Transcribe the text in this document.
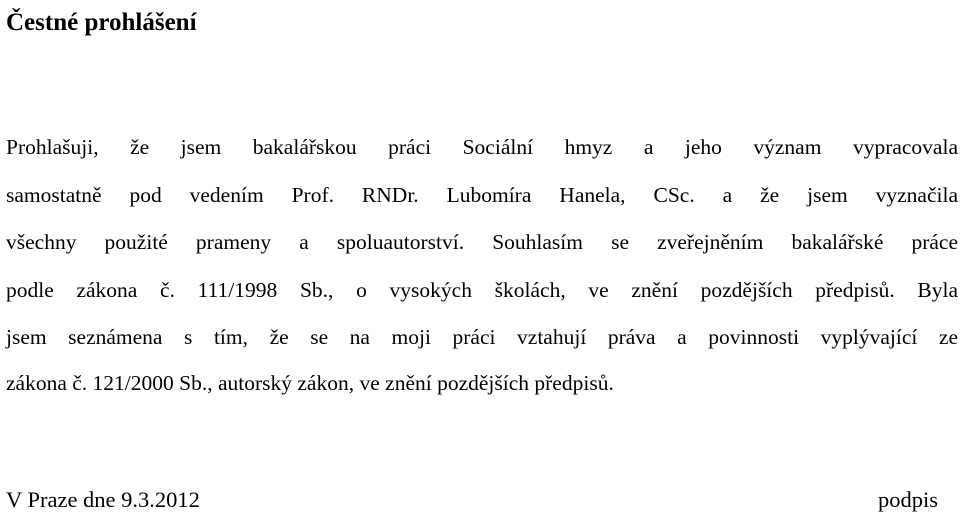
Čestné prohlášení
Prohlašuji, že jsem bakalářskou práci Sociální hmyz a jeho význam vypracovala
samostatně pod vedením Prof. RNDr. Lubomíra Hanela, CSc. a že jsem vyznačila
všechny použité prameny a spoluautorství. Souhlasím se zveřejněním bakalářské práce
podle zákona č. 111/1998 Sb., o vysokých školách, ve znění pozdějších předpisů. Byla
jsem seznámena s tím, že se na moji práci vztahují práva a povinnosti vyplývající ze
zákona č. 121/2000 Sb., autorský zákon, ve znění pozdějších předpisů.
V Praze dne 9.3.2012	podpis
